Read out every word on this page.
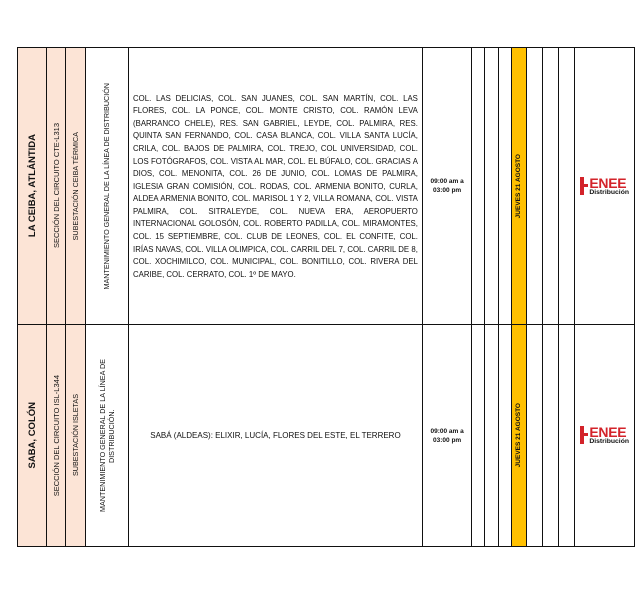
LA CEIBA, ATLÁNTIDA	SECCIÓN DEL CIRCUITO CTE-L313	SUBESTACIÓN CEIBA TÉRMICA	MANTENIMIENTO GENERAL DE LA LÍNEA DE DISTRIBUCIÓN	COL. LAS DELICIAS, COL. SAN JUANES, COL. SAN MARTÍN, COL. LAS FLORES, COL. LA PONCE, COL. MONTE CRISTO, COL. RAMÓN LEVA (BARRANCO CHELE), RES. SAN GABRIEL, LEYDE, COL. PALMIRA, RES. QUINTA SAN FERNANDO, COL. CASA BLANCA, COL. VILLA SANTA LUCÍA, CRILA, COL. BAJOS DE PALMIRA, COL. TREJO, COL UNIVERSIDAD, COL. LOS FOTÓGRAFOS, COL. VISTA AL MAR, COL. EL BÚFALO, COL. GRACIAS A DIOS, COL. MENONITA, COL. 26 DE JUNIO, COL. LOMAS DE PALMIRA, IGLESIA GRAN COMISIÓN, COL. RODAS, COL. ARMENIA BONITO, CURLA, ALDEA ARMENIA BONITO, COL. MARISOL 1 Y 2, VILLA ROMANA, COL. VISTA PALMIRA, COL. SITRALEYDE, COL. NUEVA ERA, AEROPUERTO INTERNACIONAL GOLOSÓN, COL. ROBERTO PADILLA, COL. MIRAMONTES, COL. 15 SEPTIEMBRE, COL. CLUB DE LEONES, COL. EL CONFITE, COL. IRÍAS NAVAS, COL. VILLA OLIMPICA, COL. CARRIL DEL 7, COL. CARRIL DE 8, COL. XOCHIMILCO, COL. MUNICIPAL, COL. BONITILLO, COL. RIVERA DEL CARIBE, COL. CERRATO, COL. 1º DE MAYO.	09:00 am a 03:00 pm				JUEVES 21 AGOSTO				ENEE
Distribución

SABA, COLÓN	SECCIÓN DEL CIRCUITO ISL-L344	SUBESTACIÓN ISLETAS	MANTENIMIENTO GENERAL DE LA LÍNEA DE DISTRIBUCIÓN.	SABÁ (ALDEAS): ELIXIR, LUCÍA, FLORES DEL ESTE, EL TERRERO	09:00 am a 03:00 pm				JUEVES 21 AGOSTO				ENEE
Distribución
